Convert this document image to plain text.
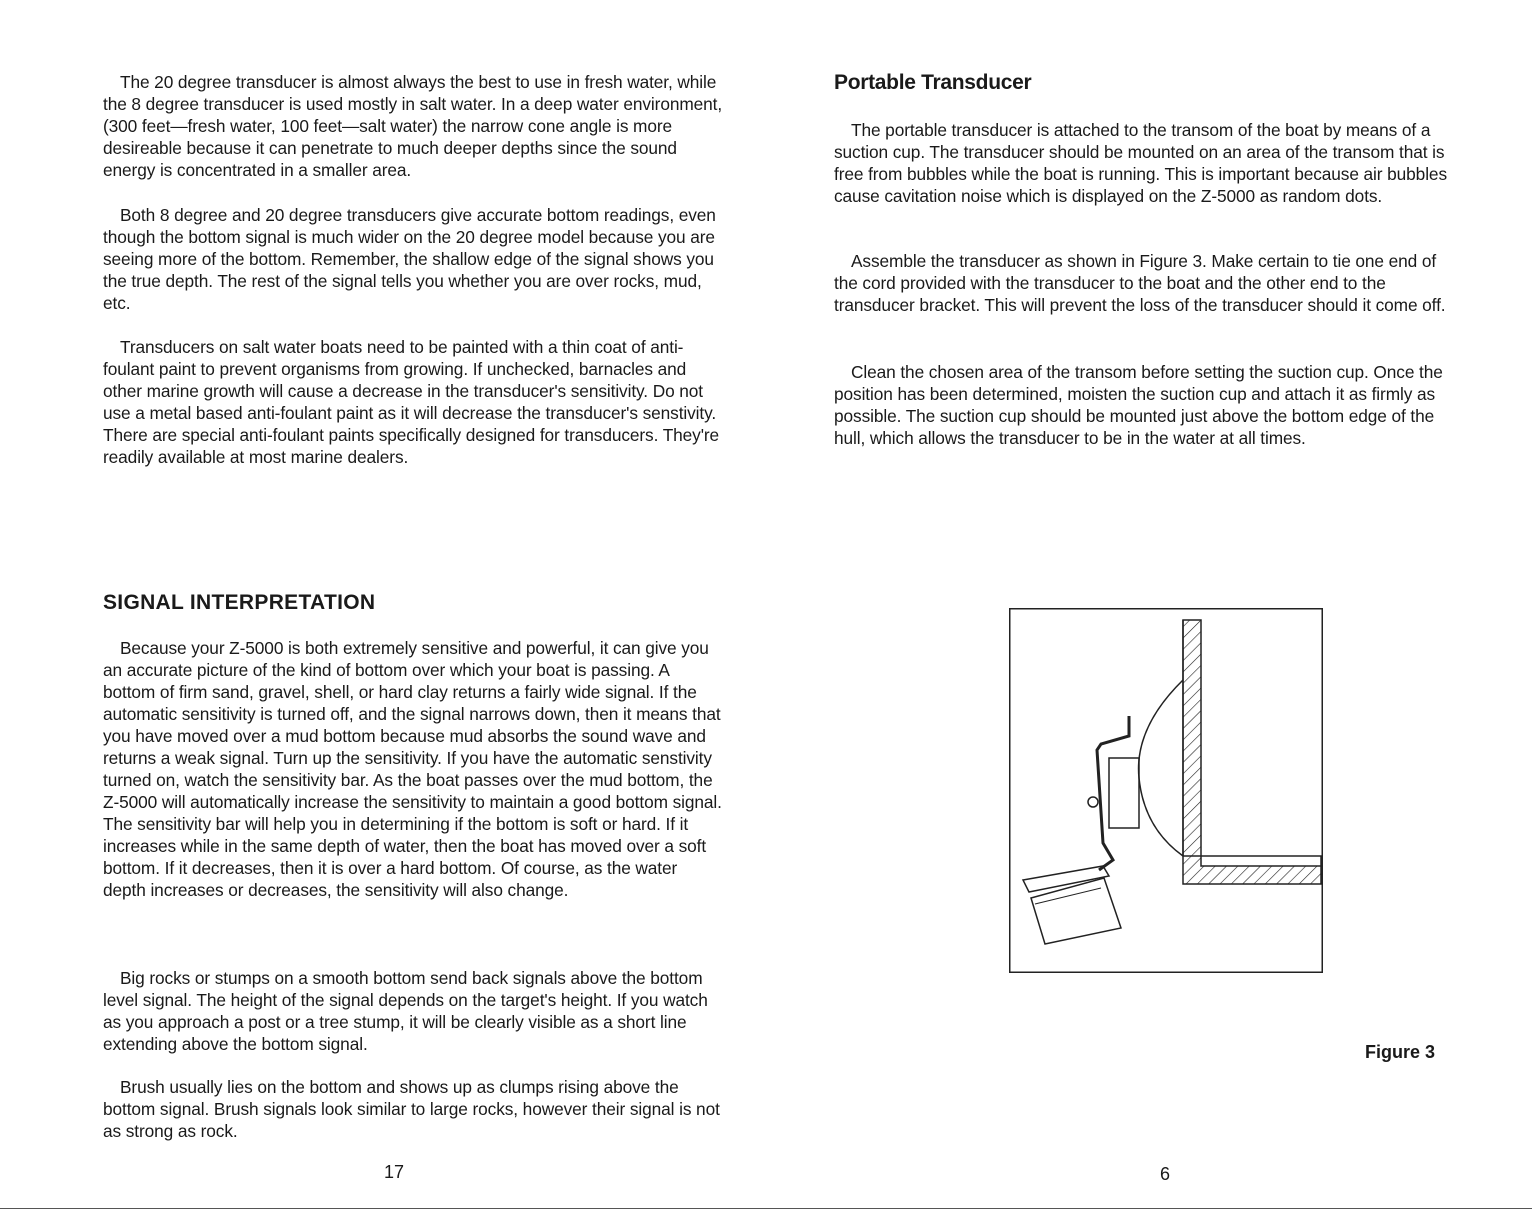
The 20 degree transducer is almost always the best to use in fresh water, while the 8 degree transducer is used mostly in salt water. In a deep water environment, (300 feet—fresh water, 100 feet—salt water) the narrow cone angle is more desireable because it can penetrate to much deeper depths since the sound energy is concentrated in a smaller area.

Both 8 degree and 20 degree transducers give accurate bottom readings, even though the bottom signal is much wider on the 20 degree model because you are seeing more of the bottom. Remember, the shallow edge of the signal shows you the true depth. The rest of the signal tells you whether you are over rocks, mud, etc.

Transducers on salt water boats need to be painted with a thin coat of anti-foulant paint to prevent organisms from growing. If unchecked, barnacles and other marine growth will cause a decrease in the transducer's sensitivity. Do not use a metal based anti-foulant paint as it will decrease the transducer's senstivity. There are special anti-foulant paints specifically designed for transducers. They're readily available at most marine dealers.

SIGNAL INTERPRETATION

Because your Z-5000 is both extremely sensitive and powerful, it can give you an accurate picture of the kind of bottom over which your boat is passing. A bottom of firm sand, gravel, shell, or hard clay returns a fairly wide signal. If the automatic sensitivity is turned off, and the signal narrows down, then it means that you have moved over a mud bottom because mud absorbs the sound wave and returns a weak signal. Turn up the sensitivity. If you have the automatic senstivity turned on, watch the sensitivity bar. As the boat passes over the mud bottom, the Z-5000 will automatically increase the sensitivity to maintain a good bottom signal. The sensitivity bar will help you in determining if the bottom is soft or hard. If it increases while in the same depth of water, then the boat has moved over a soft bottom. If it decreases, then it is over a hard bottom. Of course, as the water depth increases or decreases, the sensitivity will also change.

Big rocks or stumps on a smooth bottom send back signals above the bottom level signal. The height of the signal depends on the target's height. If you watch as you approach a post or a tree stump, it will be clearly visible as a short line extending above the bottom signal.

Brush usually lies on the bottom and shows up as clumps rising above the bottom signal. Brush signals look similar to large rocks, however their signal is not as strong as rock.

17
Portable Transducer

The portable transducer is attached to the transom of the boat by means of a suction cup. The transducer should be mounted on an area of the transom that is free from bubbles while the boat is running. This is important because air bubbles cause cavitation noise which is displayed on the Z-5000 as random dots.

Assemble the transducer as shown in Figure 3. Make certain to tie one end of the cord provided with the transducer to the boat and the other end to the transducer bracket. This will prevent the loss of the transducer should it come off.

Clean the chosen area of the transom before setting the suction cup. Once the position has been determined, moisten the suction cup and attach it as firmly as possible. The suction cup should be mounted just above the bottom edge of the hull, which allows the transducer to be in the water at all times.

Figure 3
6
